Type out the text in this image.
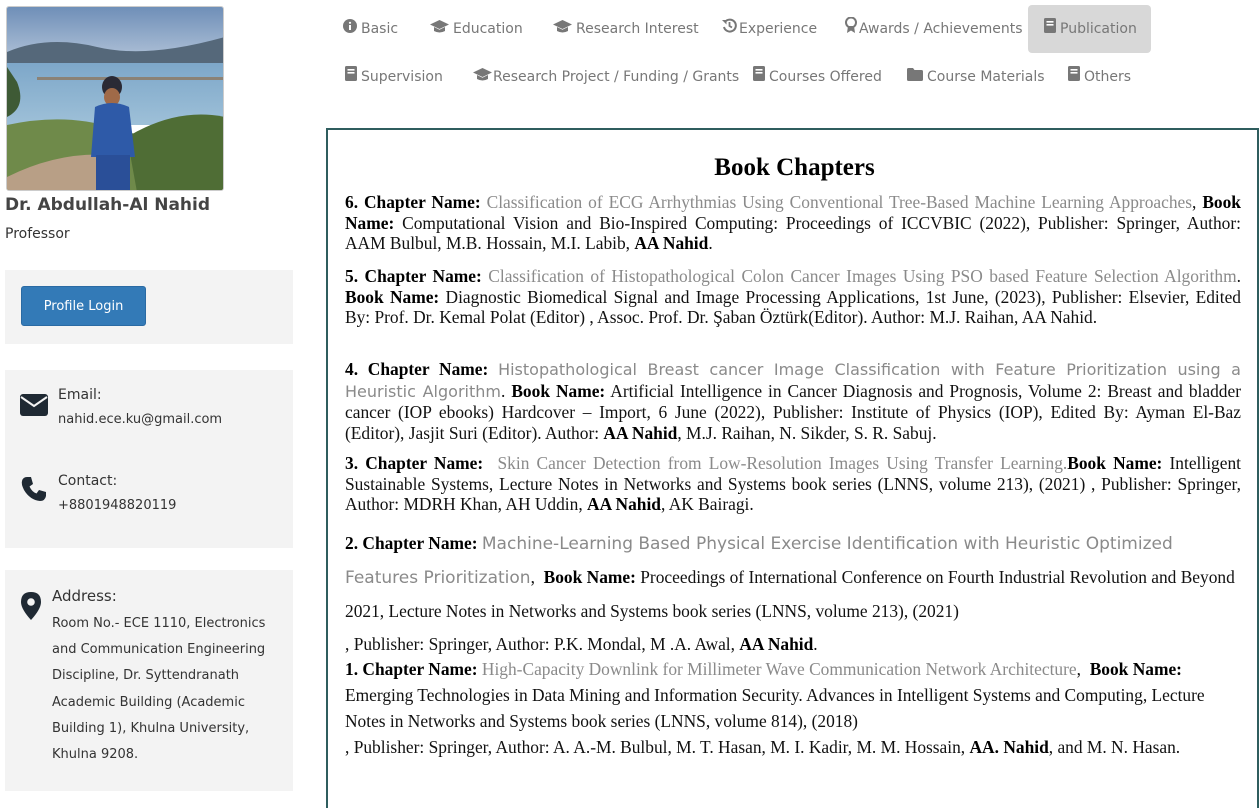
Dr. Abdullah-Al Nahid
Professor
Profile Login
Email:
nahid.ece.ku@gmail.com
Contact:
+8801948820119
Address:
Room No.- ECE 1110, Electronics and Communication Engineering Discipline, Dr. Syttendranath Academic Building (Academic Building 1), Khulna University, Khulna 9208.
Basic	Education	Research Interest	Experience	Awards / Achievements	Publication
Supervision	Research Project / Funding / Grants	Courses Offered	Course Materials	Others
Book Chapters
6. Chapter Name: Classification of ECG Arrhythmias Using Conventional Tree-Based Machine Learning Approaches, Book Name: Computational Vision and Bio-Inspired Computing: Proceedings of ICCVBIC (2022), Publisher: Springer, Author: AAM Bulbul, M.B. Hossain, M.I. Labib, AA Nahid.
5. Chapter Name: Classification of Histopathological Colon Cancer Images Using PSO based Feature Selection Algorithm. Book Name: Diagnostic Biomedical Signal and Image Processing Applications, 1st June, (2023), Publisher: Elsevier, Edited By: Prof. Dr. Kemal Polat (Editor) , Assoc. Prof. Dr. Şaban Öztürk(Editor). Author: M.J. Raihan, AA Nahid.
4. Chapter Name: Histopathological Breast cancer Image Classification with Feature Prioritization using a Heuristic Algorithm. Book Name: Artificial Intelligence in Cancer Diagnosis and Prognosis, Volume 2: Breast and bladder cancer (IOP ebooks) Hardcover – Import, 6 June (2022), Publisher: Institute of Physics (IOP), Edited By: Ayman El-Baz (Editor), Jasjit Suri (Editor). Author: AA Nahid, M.J. Raihan, N. Sikder, S. R. Sabuj.
3. Chapter Name: Skin Cancer Detection from Low-Resolution Images Using Transfer Learning.Book Name: Intelligent Sustainable Systems, Lecture Notes in Networks and Systems book series (LNNS, volume 213), (2021) , Publisher: Springer, Author: MDRH Khan, AH Uddin, AA Nahid, AK Bairagi.
2. Chapter Name: Machine-Learning Based Physical Exercise Identification with Heuristic Optimized Features Prioritization, Book Name: Proceedings of International Conference on Fourth Industrial Revolution and Beyond 2021, Lecture Notes in Networks and Systems book series (LNNS, volume 213), (2021)
, Publisher: Springer, Author: P.K. Mondal, M .A. Awal, AA Nahid.
1. Chapter Name: High-Capacity Downlink for Millimeter Wave Communication Network Architecture, Book Name: Emerging Technologies in Data Mining and Information Security. Advances in Intelligent Systems and Computing, Lecture Notes in Networks and Systems book series (LNNS, volume 814), (2018)
, Publisher: Springer, Author: A. A.-M. Bulbul, M. T. Hasan, M. I. Kadir, M. M. Hossain, AA. Nahid, and M. N. Hasan.
